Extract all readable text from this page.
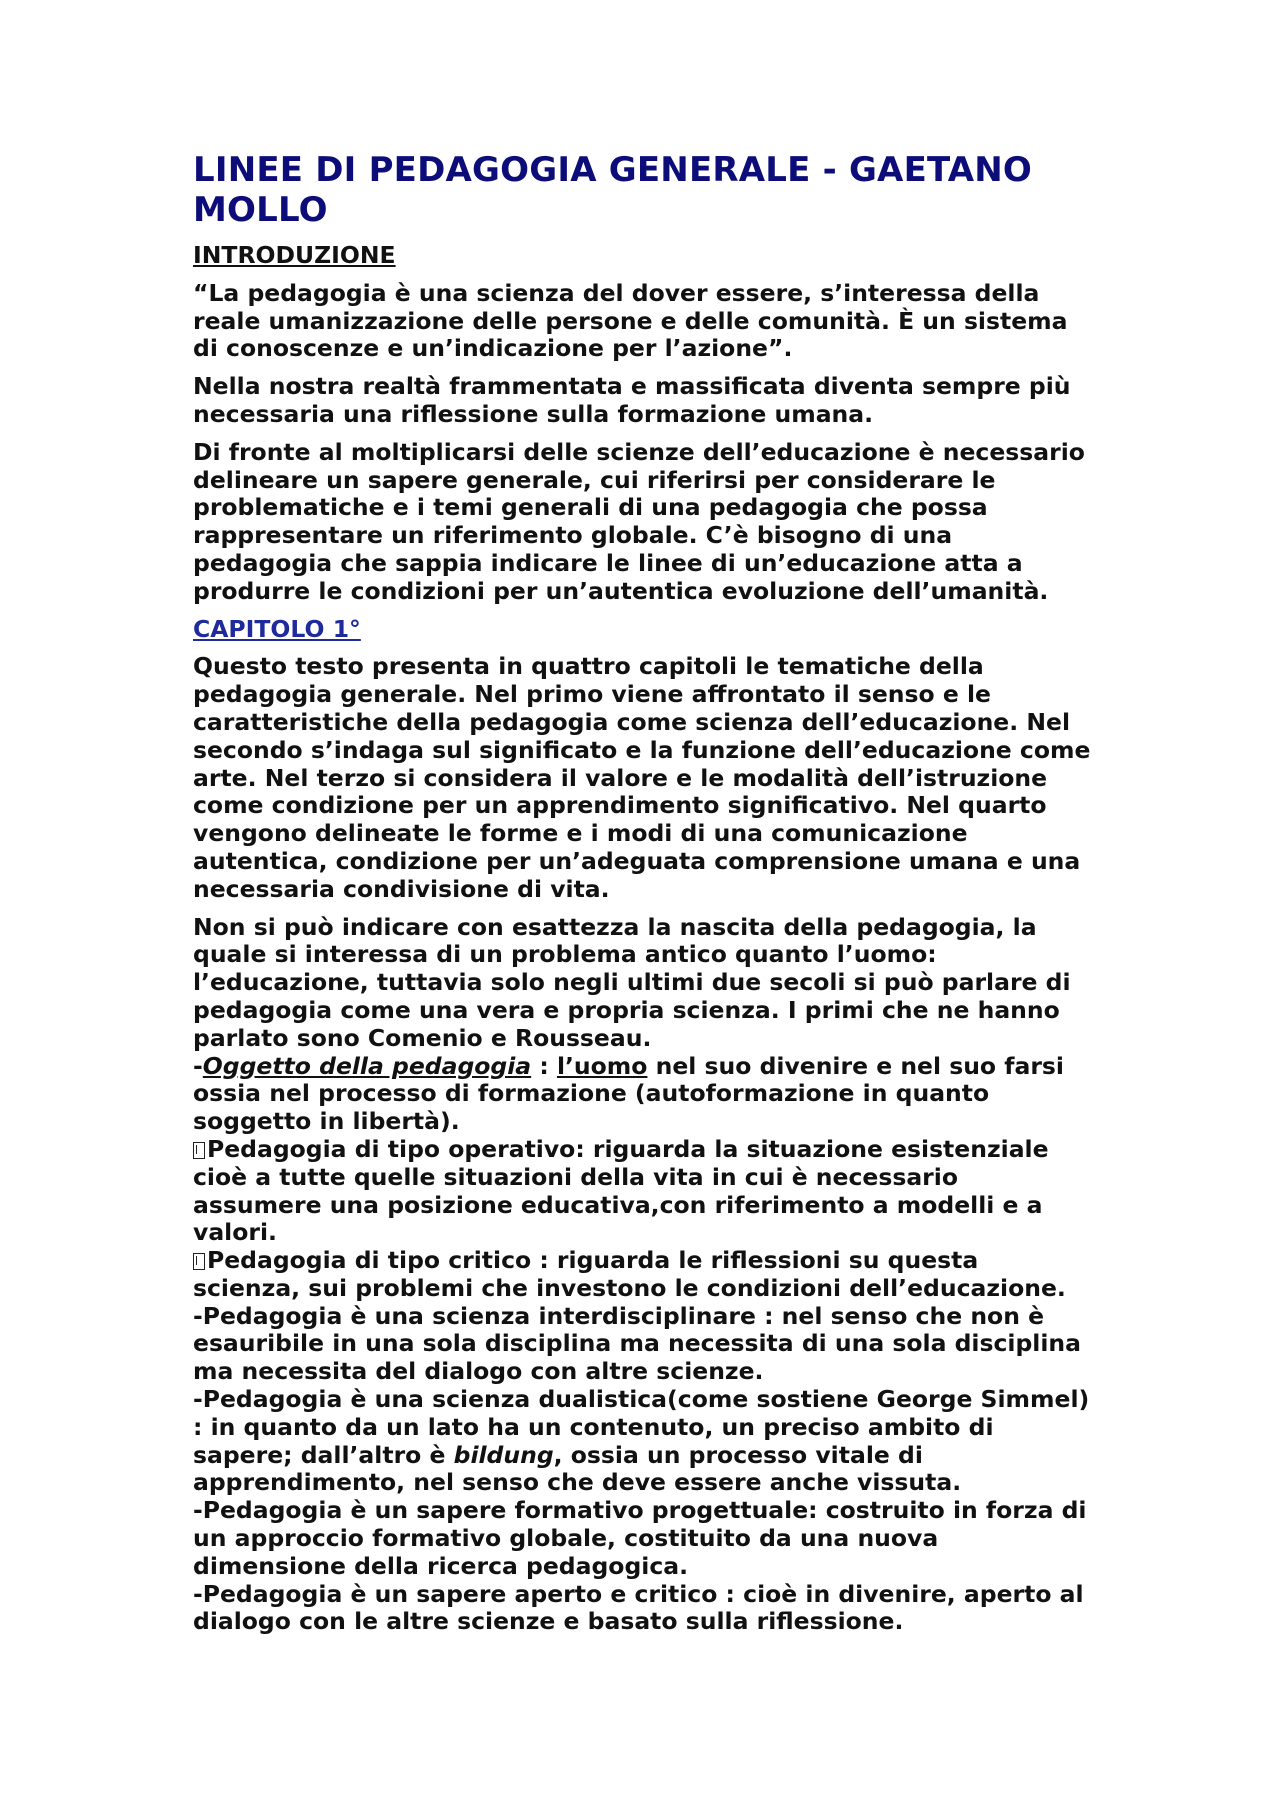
LINEE DI PEDAGOGIA GENERALE - GAETANO MOLLO
INTRODUZIONE

“La pedagogia è una scienza del dover essere, s’interessa della reale umanizzazione delle persone e delle comunità. È un sistema di conoscenze e un’indicazione per l’azione”.

Nella nostra realtà frammentata e massificata diventa sempre più necessaria una riflessione sulla formazione umana.

Di fronte al moltiplicarsi delle scienze dell’educazione è necessario delineare un sapere generale, cui riferirsi per considerare le problematiche e i temi generali di una pedagogia che possa rappresentare un riferimento globale. C’è bisogno di una pedagogia che sappia indicare le linee di un’educazione atta a produrre le condizioni per un’autentica evoluzione dell’umanità.

CAPITOLO 1°

Questo testo presenta in quattro capitoli le tematiche della pedagogia generale. Nel primo viene affrontato il senso e le caratteristiche della pedagogia come scienza dell’educazione. Nel secondo s’indaga sul significato e la funzione dell’educazione come arte. Nel terzo si considera il valore e le modalità dell’istruzione come condizione per un apprendimento significativo. Nel quarto vengono delineate le forme e i modi di una comunicazione autentica, condizione per un’adeguata comprensione umana e una necessaria condivisione di vita.

Non si può indicare con esattezza la nascita della pedagogia, la quale si interessa di un problema antico quanto l’uomo: l’educazione, tuttavia solo negli ultimi due secoli si può parlare di pedagogia come una vera e propria scienza. I primi che ne hanno parlato sono Comenio e Rousseau.

-Oggetto della pedagogia : l’uomo nel suo divenire e nel suo farsi ossia nel processo di formazione (autoformazione in quanto soggetto in libertà).

Pedagogia di tipo operativo: riguarda la situazione esistenziale cioè a tutte quelle situazioni della vita in cui è necessario assumere una posizione educativa,con riferimento a modelli e a valori.

Pedagogia di tipo critico : riguarda le riflessioni su questa scienza, sui problemi che investono le condizioni dell’educazione.

-Pedagogia è una scienza interdisciplinare : nel senso che non è esauribile in una sola disciplina ma necessita di una sola disciplina ma necessita del dialogo con altre scienze.

-Pedagogia è una scienza dualistica(come sostiene George Simmel) : in quanto da un lato ha un contenuto, un preciso ambito di sapere; dall’altro è bildung, ossia un processo vitale di apprendimento, nel senso che deve essere anche vissuta.

-Pedagogia è un sapere formativo progettuale: costruito in forza di un approccio formativo globale, costituito da una nuova dimensione della ricerca pedagogica.

-Pedagogia è un sapere aperto e critico : cioè in divenire, aperto al dialogo con le altre scienze e basato sulla riflessione.
